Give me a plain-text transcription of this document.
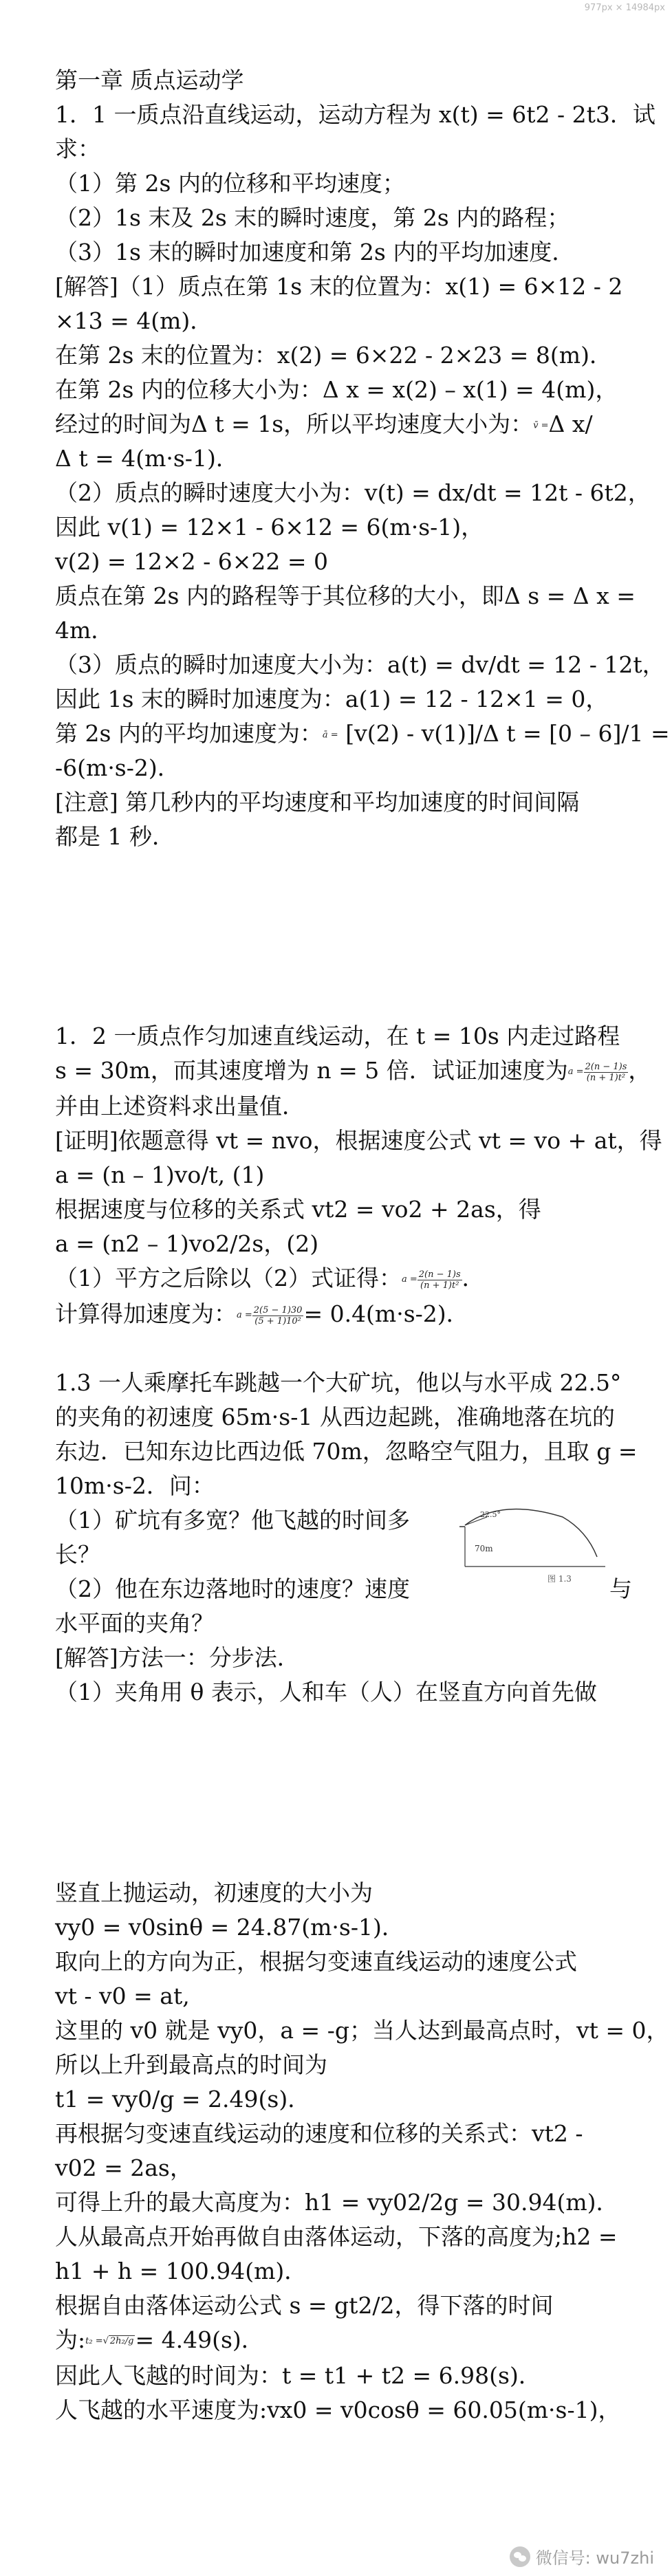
977px × 14984px

第一章 质点运动学

1．1 一质点沿直线运动，运动方程为 x(t) = 6t2 - 2t3．试

求：

（1）第 2s 内的位移和平均速度；

（2）1s 末及 2s 末的瞬时速度，第 2s 内的路程；

（3）1s 末的瞬时加速度和第 2s 内的平均加速度．

[解答]（1）质点在第 1s 末的位置为：x(1) = 6×12 - 2

×13 = 4(m)．

在第 2s 末的位置为：x(2) = 6×22 - 2×23 = 8(m)．

在第 2s 内的位移大小为：Δ x = x(2) – x(1) = 4(m)，

经过的时间为Δ t = 1s，所以平均速度大小为：v̄ =Δ x/

Δ t = 4(m·s-1)．

（2）质点的瞬时速度大小为：v(t) = dx/dt = 12t - 6t2，

因此 v(1) = 12×1 - 6×12 = 6(m·s-1)，

v(2) = 12×2 - 6×22 = 0

质点在第 2s 内的路程等于其位移的大小，即Δ s = Δ x =

4m．

（3）质点的瞬时加速度大小为：a(t) = dv/dt = 12 - 12t，

因此 1s 末的瞬时加速度为：a(1) = 12 - 12×1 = 0，

第 2s 内的平均加速度为：ā = [v(2) - v(1)]/Δ t = [0 – 6]/1 =

-6(m·s-2)．

[注意] 第几秒内的平均速度和平均加速度的时间间隔

都是 1 秒．

1．2 一质点作匀加速直线运动，在 t = 10s 内走过路程

s = 30m，而其速度增为 n = 5 倍．试证加速度为$a = \frac{2(n - 1)s}{\text{(n + 1)t²}}$ ，

并由上述资料求出量值．

[证明]依题意得 vt = nvo，根据速度公式 vt = vo + at，得

a = (n – 1)vo/t, (1)

根据速度与位移的关系式 vt2 = vo2 + 2as，得

a = (n2 – 1)vo2/2s，(2)

（1）平方之后除以（2）式证得：$a = \frac{2(n - 1)s}{\text{(n + 1)t²}}$ ．

计算得加速度为：$a = \frac{2(5 - 1)30}{\text{(5 + 1)10²}} = 0.4(m\cdot s-2)$．

1.3 一人乘摩托车跳越一个大矿坑，他以与水平成 22.5°

的夹角的初速度 65m·s-1 从西边起跳，准确地落在坑的

东边．已知东边比西边低 70m，忽略空气阻力，且取 g =

10m·s-2．问：

22.5°
70m
图 1.3

（1）矿坑有多宽？他飞越的时间多

长？

（2）他在东边落地时的速度？速度	与

水平面的夹角？

[解答]方法一：分步法．

（1）夹角用 θ 表示，人和车（人）在竖直方向首先做

竖直上抛运动，初速度的大小为

vy0 = v0sinθ = 24.87(m·s-1)．

取向上的方向为正，根据匀变速直线运动的速度公式

vt - v0 = at,

这里的 v0 就是 vy0，a = -g；当人达到最高点时，vt = 0，

所以上升到最高点的时间为

t1 = vy0/g = 2.49(s)．

再根据匀变速直线运动的速度和位移的关系式：vt2 -

v02 = 2as，

可得上升的最大高度为：h1 = vy02/2g = 30.94(m)．

人从最高点开始再做自由落体运动，下落的高度为;h2 =

h1 + h = 100.94(m)．

根据自由落体运动公式 s = gt2/2，得下落的时间

为:t₂ =√ 2h₂/g= 4.49(s)．

因此人飞越的时间为：t = t1 + t2 = 6.98(s)．

人飞越的水平速度为:vx0 = v0cosθ = 60.05(m·s-1)，

微信号: wu7zhi
